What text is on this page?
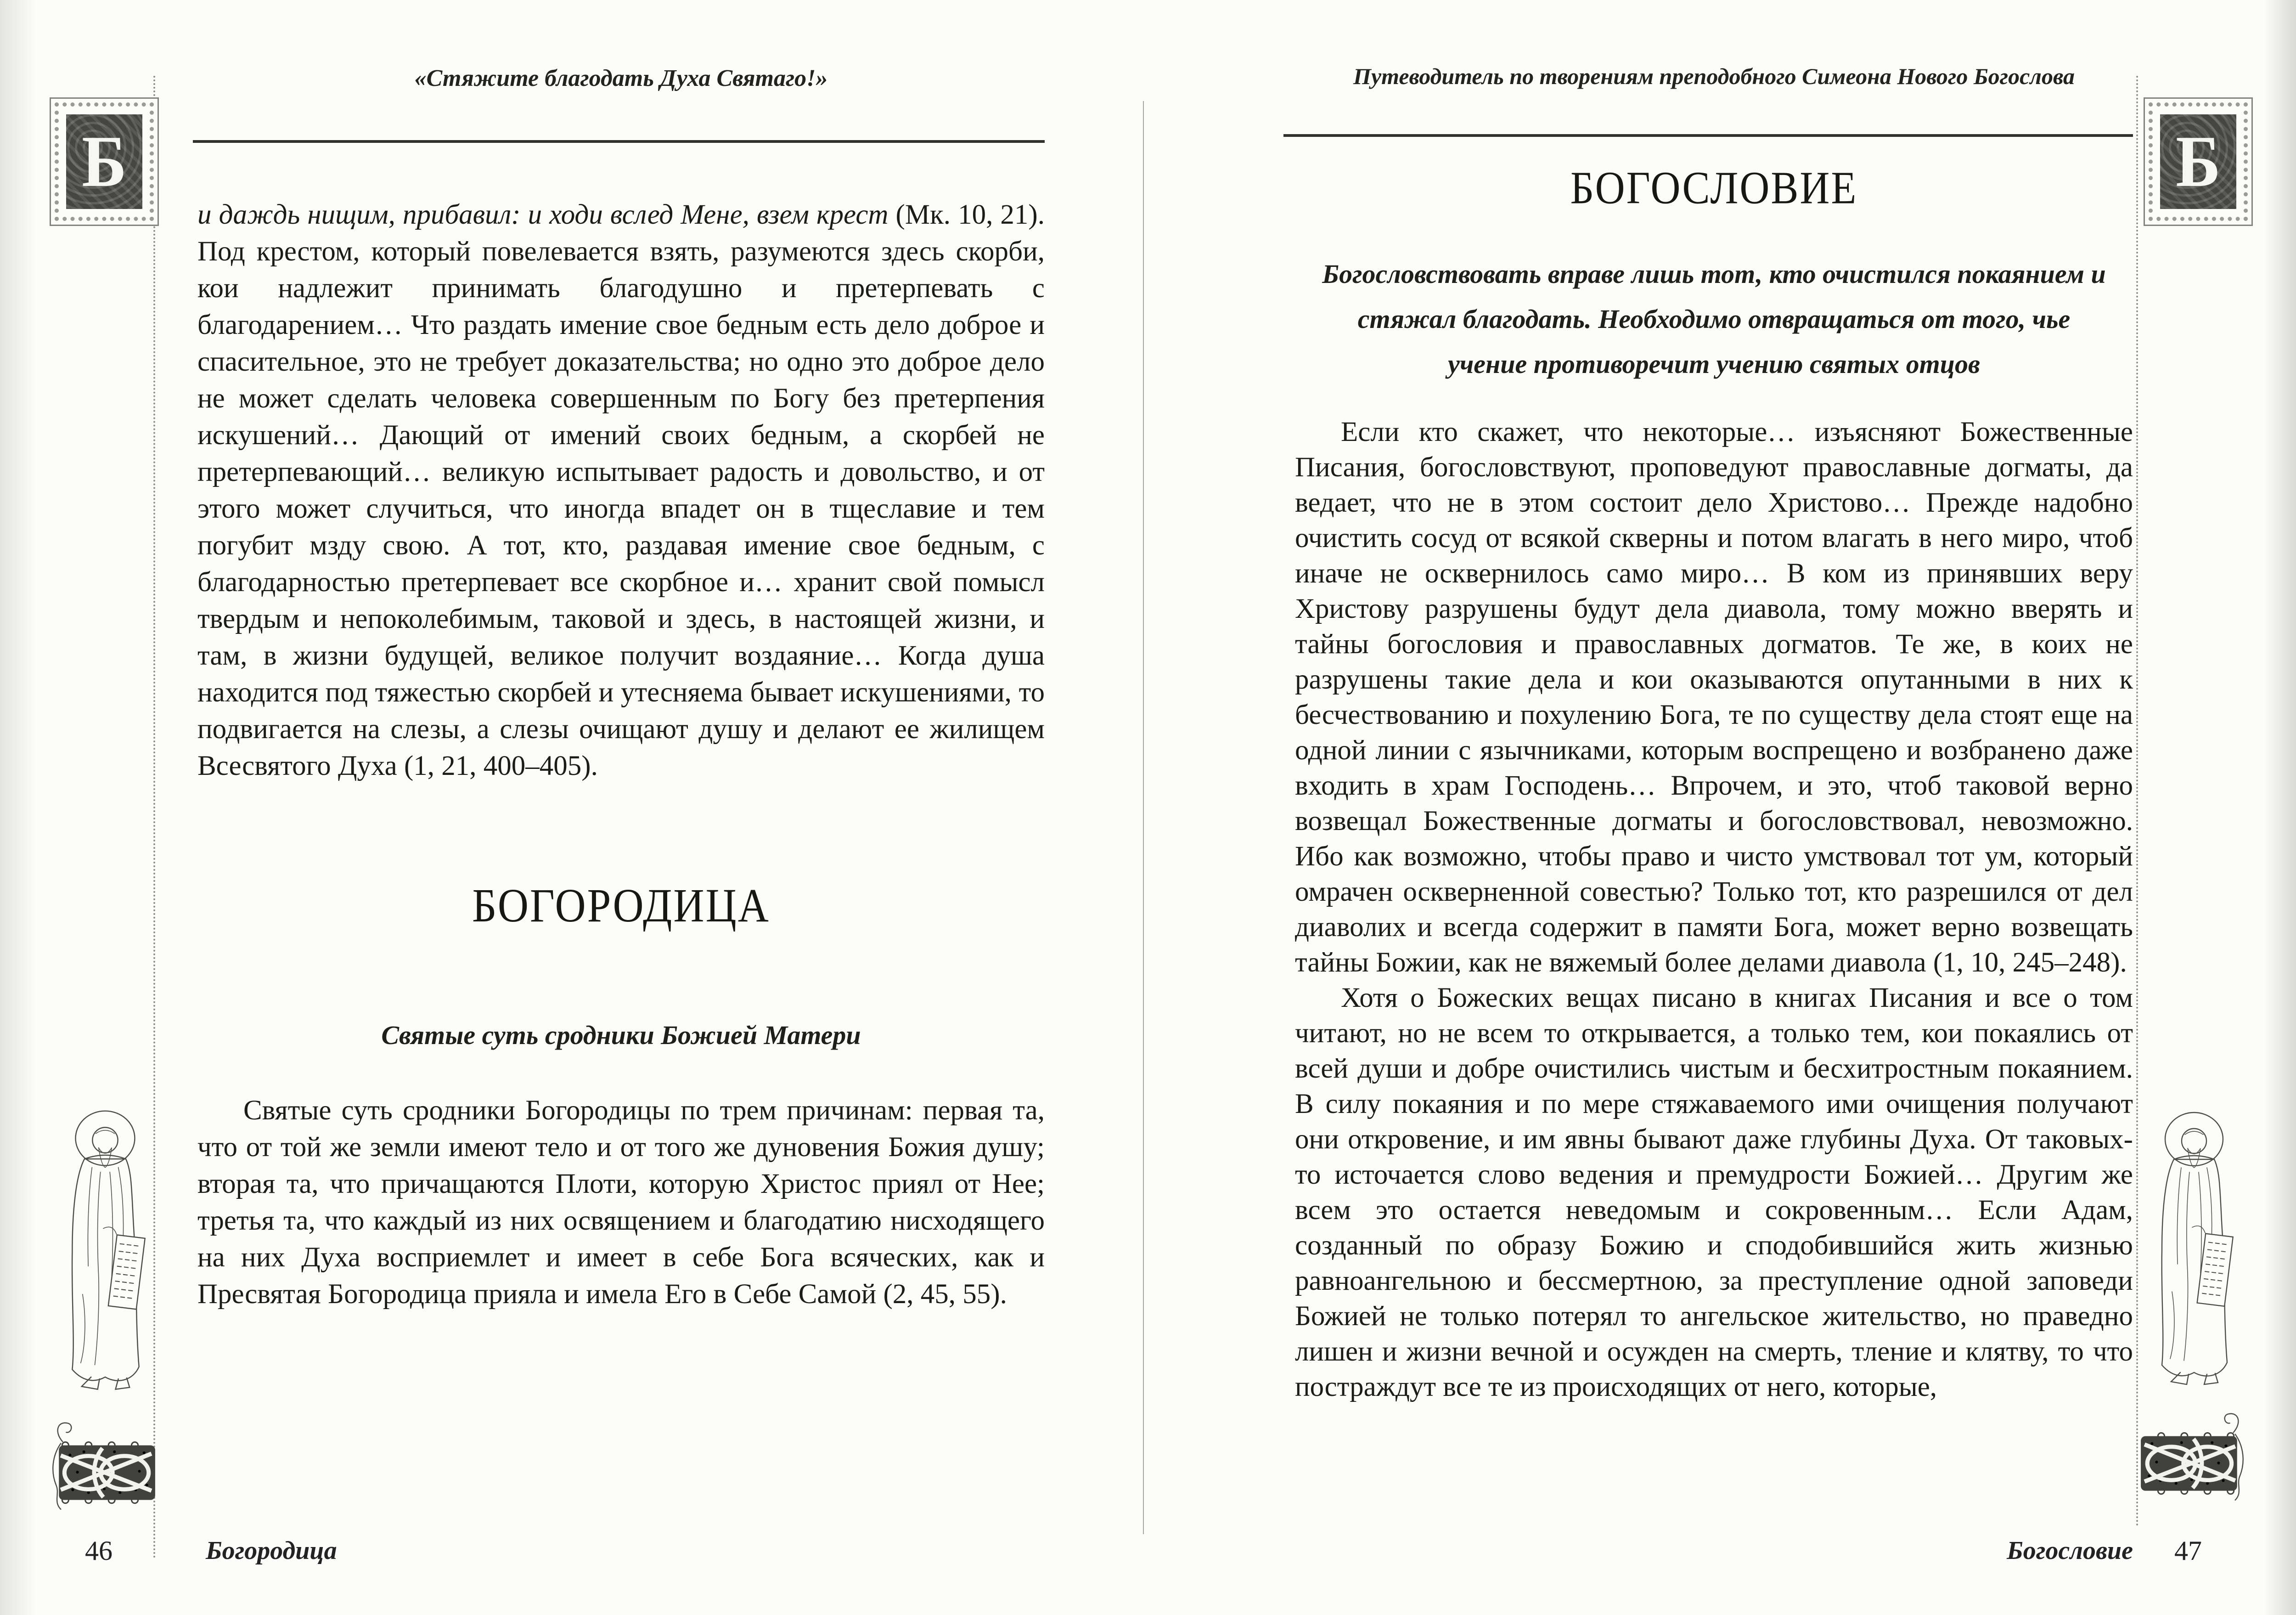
Б
«Стяжите благодать Духа Святаго!»

и даждь нищим, прибавил: и ходи вслед Мене, взем крест (Мк. 10, 21). Под крестом, который повелевается взять, разумеются здесь скорби, кои надлежит принимать благодушно и претерпевать с благодарением… Что раздать имение свое бедным есть дело доброе и спасительное, это не требует доказательства; но одно это доброе дело не может сделать человека совершенным по Богу без претерпения искушений… Дающий от имений своих бедным, а скорбей не претерпевающий… великую испытывает радость и довольство, и от этого может случиться, что иногда впадет он в тщеславие и тем погубит мзду свою. А тот, кто, раздавая имение свое бедным, с благодарностью претерпевает все скорбное и… хранит свой помысл твердым и непоколебимым, таковой и здесь, в настоящей жизни, и там, в жизни будущей, великое получит воздаяние… Когда душа находится под тяжестью скорбей и утесняема бывает искушениями, то подвигается на слезы, а слезы очищают душу и делают ее жилищем Всесвятого Духа (1, 21, 400–405).

БОГОРОДИЦА
Святые суть сродники Божией Матери

Святые суть сродники Богородицы по трем причинам: первая та, что от той же земли имеют тело и от того же дуновения Божия душу; вторая та, что причащаются Плоти, которую Христос приял от Нее; третья та, что каждый из них освящением и благодатию нисходящего на них Духа восприемлет и имеет в себе Бога всяческих, как и Пресвятая Богородица прияла и имела Его в Себе Самой (2, 45, 55).

46	Богородица
Б
Путеводитель по творениям преподобного Симеона Нового Богослова
БОГОСЛОВИЕ
Богословствовать вправе лишь тот, кто очистился покаянием и стяжал благодать. Необходимо отвращаться от того, чье учение противоречит учению святых отцов

Если кто скажет, что некоторые… изъясняют Божественные Писания, богословствуют, проповедуют православные догматы, да ведает, что не в этом состоит дело Христово… Прежде надобно очистить сосуд от всякой скверны и потом влагать в него миро, чтоб иначе не осквернилось само миро… В ком из принявших веру Христову разрушены будут дела диавола, тому можно вверять и тайны богословия и православных догматов. Те же, в коих не разрушены такие дела и кои оказываются опутанными в них к бесчествованию и похулению Бога, те по существу дела стоят еще на одной линии с язычниками, которым воспрещено и возбранено даже входить в храм Господень… Впрочем, и это, чтоб таковой верно возвещал Божественные догматы и богословствовал, невозможно. Ибо как возможно, чтобы право и чисто умствовал тот ум, который омрачен оскверненной совестью? Только тот, кто разрешился от дел диаволих и всегда содержит в памяти Бога, может верно возвещать тайны Божии, как не вяжемый более делами диавола (1, 10, 245–248).

Хотя о Божеских вещах писано в книгах Писания и все о том читают, но не всем то открывается, а только тем, кои покаялись от всей души и добре очистились чистым и бесхитростным покаянием. В силу покаяния и по мере стяжаваемого ими очищения получают они откровение, и им явны бывают даже глубины Духа. От таковых-то источается слово ведения и премудрости Божией… Другим же всем это остается неведомым и сокровенным… Если Адам, созданный по образу Божию и сподобившийся жить жизнью равноангельною и бессмертною, за преступление одной заповеди Божией не только потерял то ангельское жительство, но праведно лишен и жизни вечной и осужден на смерть, тление и клятву, то что постраждут все те из происходящих от него, которые,

Богословие	47
